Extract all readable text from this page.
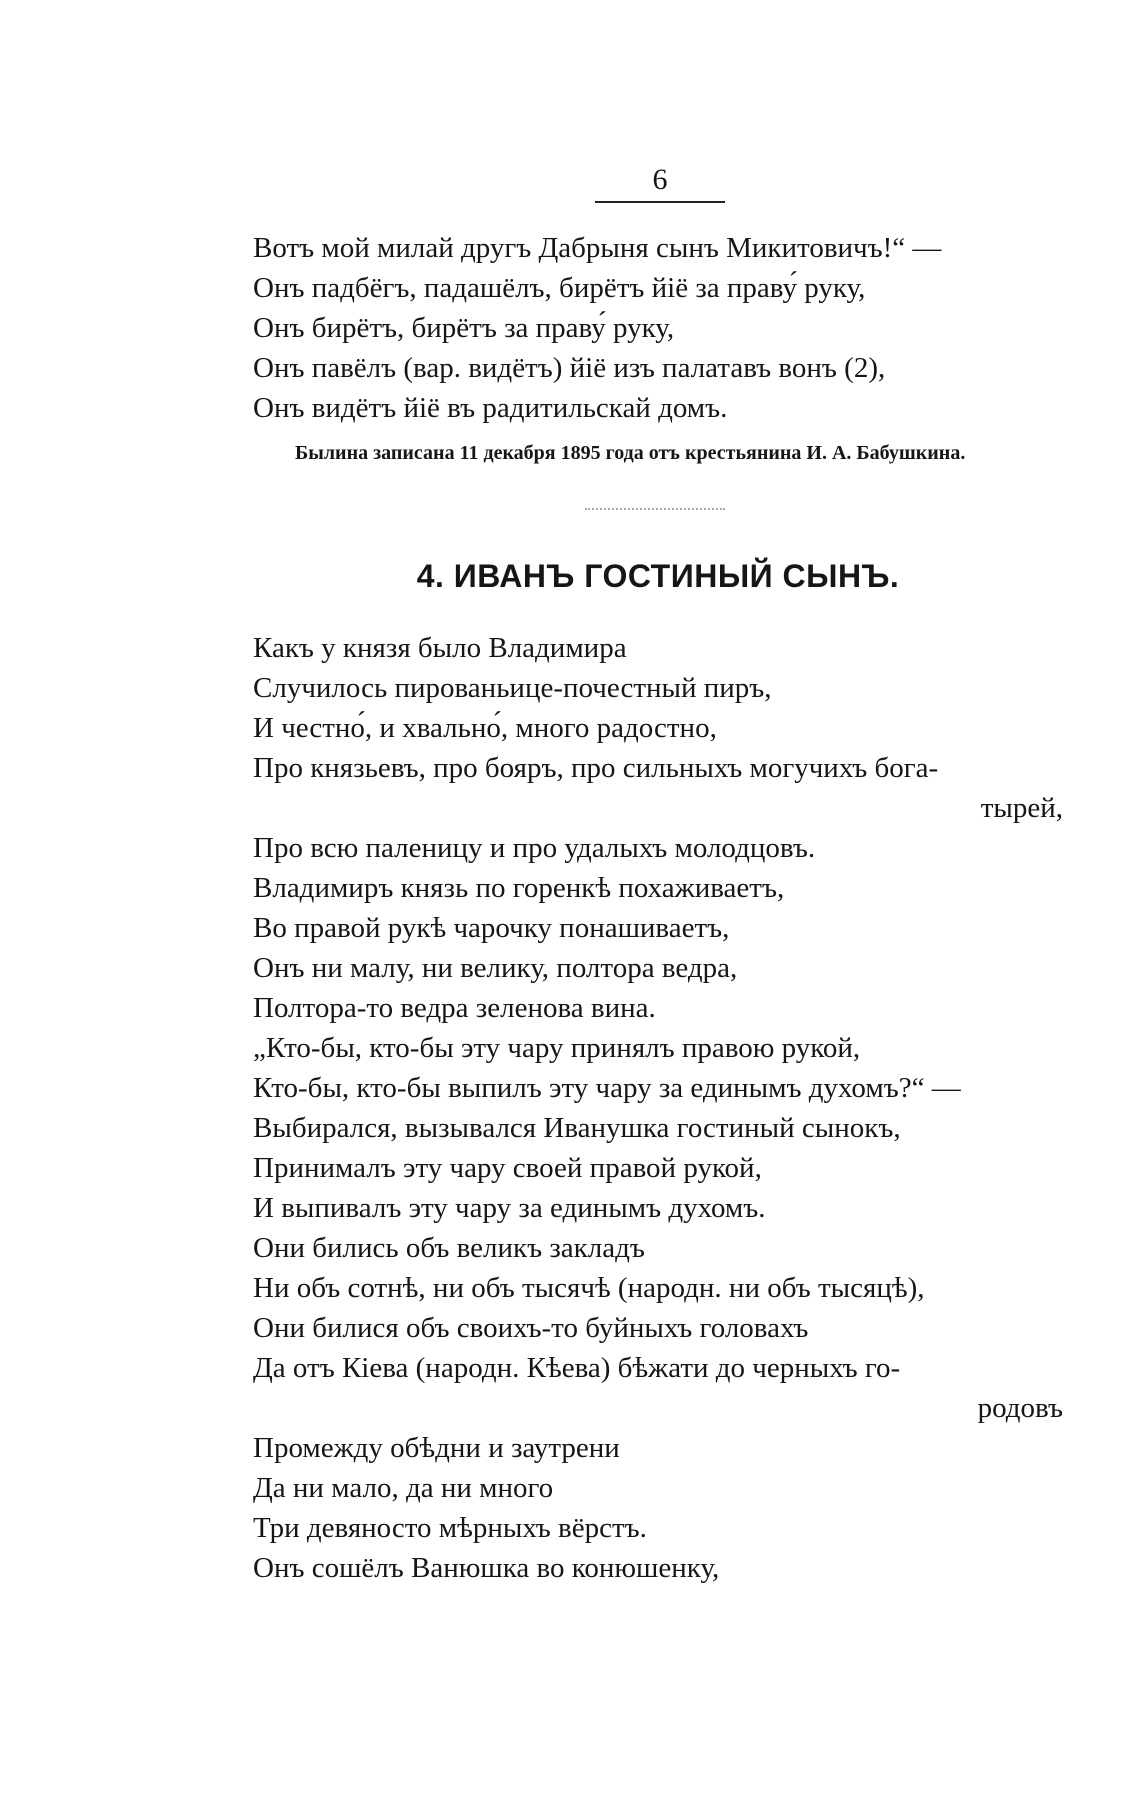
6

Вотъ мой милай другъ Дабрыня сынъ Микитовичъ!“ —
Онъ падбёгъ, падашёлъ, бирётъ йіё за праву́ руку,
Онъ бирётъ, бирётъ за праву́ руку,
Онъ павёлъ (вар. видётъ) йіё изъ палатавъ вонъ (2),
Онъ видётъ йіё въ радитильскай домъ.

Былина записана 11 декабря 1895 года отъ крестьянина И. А. Бабушкина.

4. ИВАНЪ ГОСТИНЫЙ СЫНЪ.
Какъ у князя было Владимира
Случилось пированьице-почестный пиръ,
И честно́, и хвально́, много радостно,
Про князьевъ, про бояръ, про сильныхъ могучихъ бога-
тырей,
Про всю паленицу и про удалыхъ молодцовъ.
Владимиръ князь по горенкѣ похаживаетъ,
Во правой рукѣ чарочку понашиваетъ,
Онъ ни малу, ни велику, полтора ведра,
Полтора-то ведра зеленова вина.
„Кто-бы, кто-бы эту чару принялъ правою рукой,
Кто-бы, кто-бы выпилъ эту чару за единымъ духомъ?“ —
Выбирался, вызывался Иванушка гостиный сынокъ,
Принималъ эту чару своей правой рукой,
И выпивалъ эту чару за единымъ духомъ.
Они бились объ великъ закладъ
Ни объ сотнѣ, ни объ тысячѣ (народн. ни объ тысяцѣ),
Они билися объ своихъ-то буйныхъ головахъ
Да отъ Кіева (народн. Кѣева) бѣжати до черныхъ го-
родовъ
Промежду обѣдни и заутрени
Да ни мало, да ни много
Три девяносто мѣрныхъ вёрстъ.
Онъ сошёлъ Ванюшка во конюшенку,
